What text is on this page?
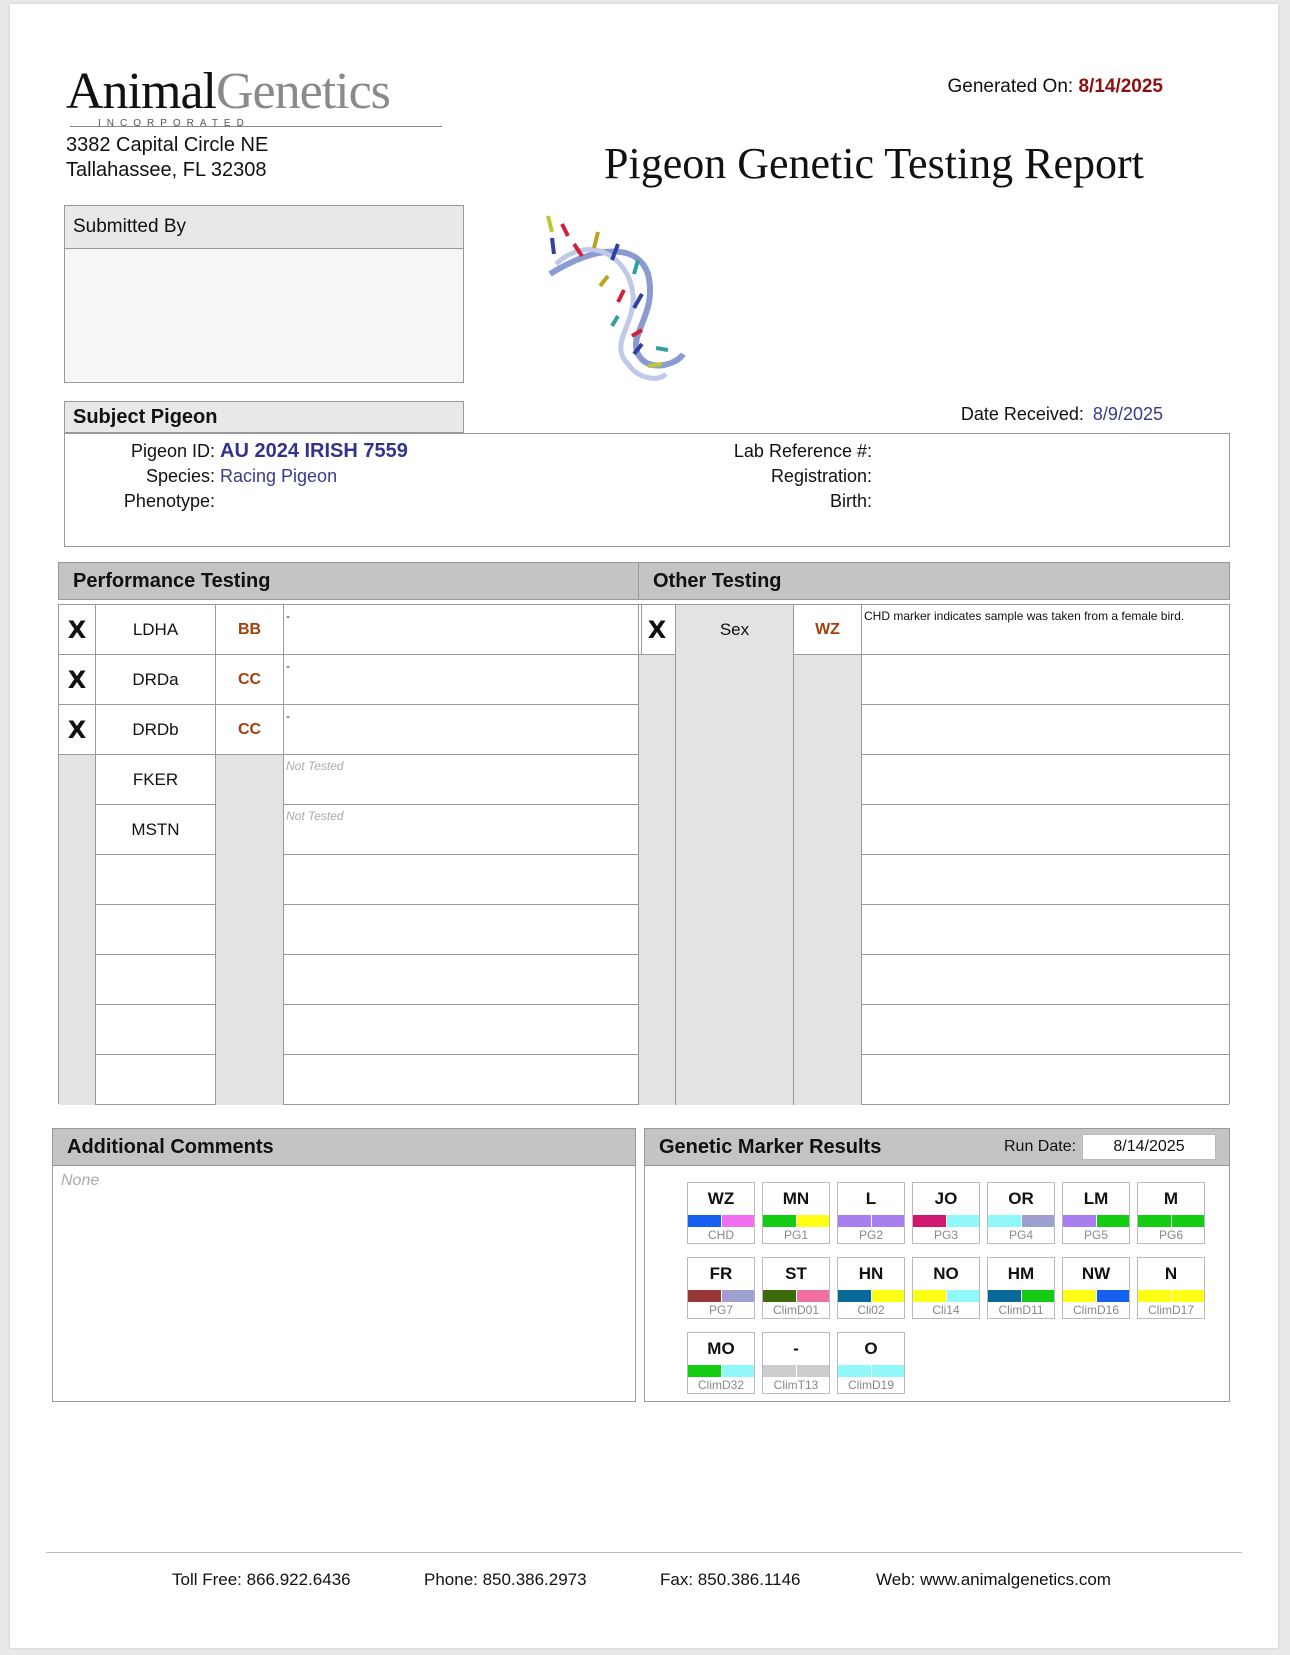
AnimalGenetics
INCORPORATED
3382 Capital Circle NE
Tallahassee, FL 32308
Generated On: 8/14/2025
Pigeon Genetic Testing Report
Submitted By
Subject Pigeon	Date Received: 8/9/2025
Pigeon ID: AU 2024 IRISH 7559
Species: Racing Pigeon
Phenotype:
Lab Reference #:
Registration:
Birth:
Performance Testing
X	LDHA	BB
-
X	DRDa	CC
-
X	DRDb	CC
-
FKER
Not Tested
MSTN
Not Tested
Other Testing
X	Sex	WZ
CHD marker indicates sample was taken from a female bird.
Additional Comments
None
Genetic Marker Results	Run Date:	8/14/2025
WZ
CHD
MN
PG1
L
PG2
JO
PG3
OR
PG4
LM
PG5
M
PG6
FR
PG7
ST
ClimD01
HN
Cli02
NO
Cli14
HM
ClimD11
NW
ClimD16
N
ClimD17
MO
ClimD32
-
ClimT13
O
ClimD19
Toll Free: 866.922.6436	Phone: 850.386.2973	Fax: 850.386.1146	Web: www.animalgenetics.com
